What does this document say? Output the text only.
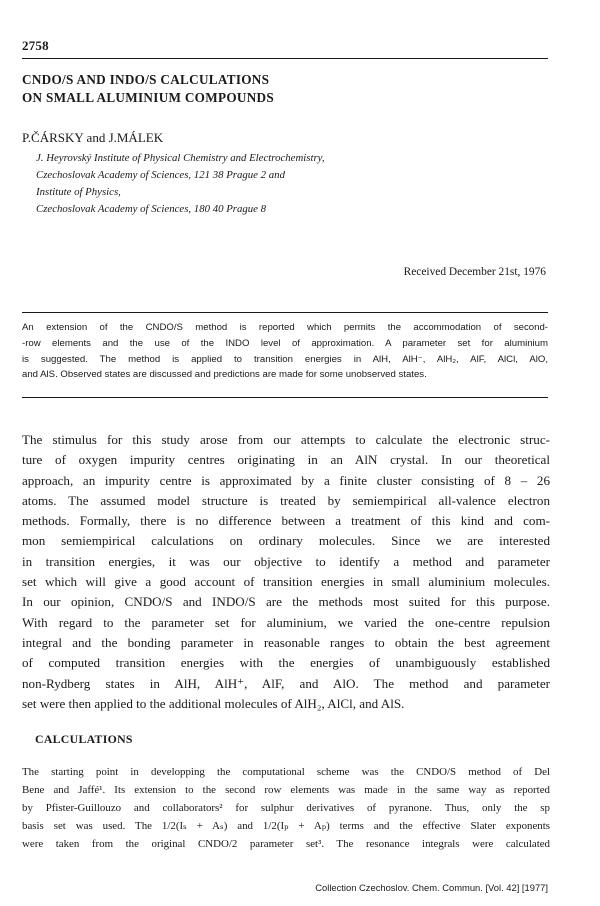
2758
CNDO/S AND INDO/S CALCULATIONS
ON SMALL ALUMINIUM COMPOUNDS
P.ČÁRSKY and J.MÁLEK
J. Heyrovský Institute of Physical Chemistry and Electrochemistry,
Czechoslovak Academy of Sciences, 121 38 Prague 2 and
Institute of Physics,
Czechoslovak Academy of Sciences, 180 40 Prague 8
Received December 21st, 1976
An extension of the CNDO/S method is reported which permits the accommodation of second-
-row elements and the use of the INDO level of approximation. A parameter set for aluminium
is suggested. The method is applied to transition energies in AlH, AlH⁻, AlH₂, AlF, AlCl, AlO,
and AlS. Observed states are discussed and predictions are made for some unobserved states.
The stimulus for this study arose from our attempts to calculate the electronic struc-
ture of oxygen impurity centres originating in an AlN crystal. In our theoretical
approach, an impurity centre is approximated by a finite cluster consisting of 8 – 26
atoms. The assumed model structure is treated by semiempirical all-valence electron
methods. Formally, there is no difference between a treatment of this kind and com-
mon semiempirical calculations on ordinary molecules. Since we are interested
in transition energies, it was our objective to identify a method and parameter
set which will give a good account of transition energies in small aluminium molecules.
In our opinion, CNDO/S and INDO/S are the methods most suited for this purpose.
With regard to the parameter set for aluminium, we varied the one-centre repulsion
integral and the bonding parameter in reasonable ranges to obtain the best agreement
of computed transition energies with the energies of unambiguously established
non-Rydberg states in AlH, AlH⁺, AlF, and AlO. The method and parameter
set were then applied to the additional molecules of AlH₂, AlCl, and AlS.
CALCULATIONS
The starting point in developping the computational scheme was the CNDO/S method of Del
Bene and Jaffé¹. Its extension to the second row elements was made in the same way as reported
by Pfister-Guillouzo and collaborators² for sulphur derivatives of pyranone. Thus, only the sp
basis set was used. The 1/2(Iₛ + Aₛ) and 1/2(Iₚ + Aₚ) terms and the effective Slater exponents
were taken from the original CNDO/2 parameter set³. The resonance integrals were calculated
Collection Czechoslov. Chem. Commun. [Vol. 42] [1977]
